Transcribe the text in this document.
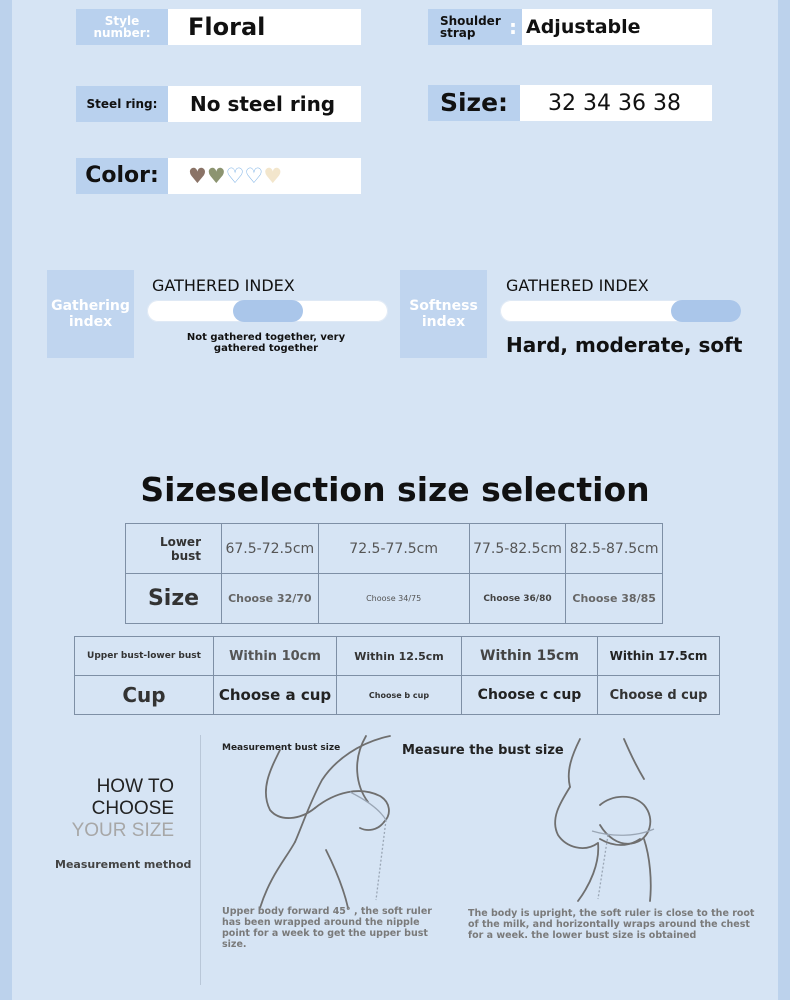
Style number:	Floral	Shoulder strap	: Adjustable
Steel ring:	No steel ring	Size:	32 34 36 38
Color:	♥♥♡♡♥
Gathering index
GATHERED INDEX
Not gathered together, very gathered together
Softness index
GATHERED INDEX
Hard, moderate, soft
Sizeselection size selection
Lower bust	67.5-72.5cm	72.5-77.5cm	77.5-82.5cm	82.5-87.5cm
Size	Choose 32/70	Choose 34/75	Choose 36/80	Choose 38/85
Upper bust-lower bust	Within 10cm	Within 12.5cm	Within 15cm	Within 17.5cm
Cup	Choose a cup	Choose b cup	Choose c cup	Choose d cup
HOW TO
CHOOSE
YOUR SIZE
Measurement method
Measurement bust size	Measure the bust size
Upper body forward 45° , the soft ruler has been wrapped around the nipple point for a week to get the upper bust size.
The body is upright, the soft ruler is close to the root of the milk, and horizontally wraps around the chest for a week. the lower bust size is obtained
